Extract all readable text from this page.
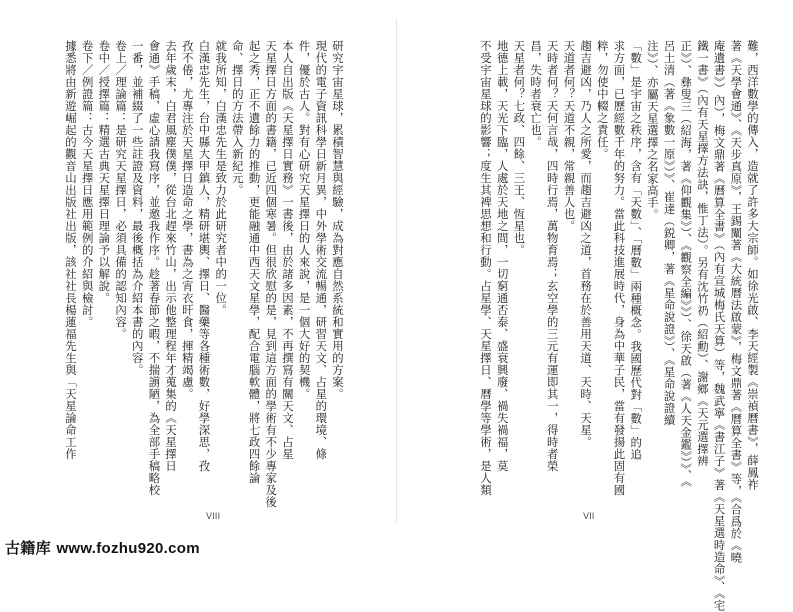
研究宇宙星球，累積智慧與經驗，成為對應自然系統和實用的方案。
現代的電子資訊科學日新月異，中外學術交流暢通，研習天文、占星的環境、條
件，優於古人。對有心研究天星擇日的人來說，是一個大好的契機。
本人自出版《天星擇日實務》一書後，由於諸多因素，不再撰寫有關天文、占星
天星擇日方面的書籍，已近四個寒暑。但很欣慰的是，見到這方面的學術有不少專家及後
起之秀，正不遺餘力的推動，更能融通中西天文星學，配合電腦軟體，將七政四餘論
命、擇日的方法帶入新紀元。
就我所知，白漢忠先生是致力於此研究者中的一位。
白漢忠先生，台中縣大甲鎮人，精研堪輿、擇日、醫藥等各種術數，好學深思，孜
孜不倦，尤專注於天星擇日造命之學，書為之宵衣旰食，揮精竭慮。
去年歲末，白君風塵僕僕，從台北趕來竹山，出示他整理程年才蒐集的《天星擇日
會通》手稿，虛心請我寫序，並邀我作序。趁著春節之暇，不揣謭陋，為全部手稿略校
一番，並補綴了一些註證及資料，最後概括為介紹本書的內容。
卷上／理論篇：是研究天星擇日，必須具備的認知內容。
卷中／授擇篇：精選古典天星擇日理論予以解說。
卷下／例證篇：古今天星擇日應用範例的介紹與檢討。
據悉將由新遊崛起的觀音山出版社出版，該社社長楊蓮福先生與「天星論命工作
VIII
難，西洋數學的傳入，造就了許多大宗師。如徐光啟、李天經製《崇禎曆書》，薛鳳祚
著《天學會通》、《天步真原》，王錫闡著《大統曆法啟蒙》，梅文鼎著《曆算全書》等，《合爲於《曉
庵遺書》）內），梅文鼎著《曆算全書》（內有宣城梅氏天算）等，魏武寧《書江子》著《天星選時造命》、《宅
鐵一書》（內有天星擇方法訣，惟丁法）。另有沈竹礽（紹勳）、謝鄉《天元選擇辨
正》）、彝叟三（紹海，著《仰觀集》）、《觀察全編》》）、徐天啟（著《人天金鑑》）》、《
呂土清（著《象數一原》）》、崔達（鋭卿，著《星命說證》）、《星命說證續
注》）、亦屬天星選擇之名家高手。
「數」是宇宙之秩序，含有「天數」、「曆數」兩種概念。我國歷代對「數」的追
求方面，已歷經數千年的努力。當此科技進展時代，身為中華子民，當有發揚此固有國
粹，勿使中輟之責任。
趨吉避凶，乃人之所愛，而趨吉避凶之道，首務在於善用天道、天時、天星。
天道者何？天道不親，常親善人也。
天時者何？天何言哉，四時行焉，萬物育焉；玄空學的三元有運即其一，得時者榮
昌，失時者衰亡也。
天星者何？七政、四餘、三王、恆星也。
地德上載，天光下臨，人處於天地之間，一切窮通否泰、盛衰興廢、禍失禍福，莫
不受宇宙星球的影響；度生其裨思想和行動。占星學、天星擇日、曆學等學術，是人類
VII
古籍库 www.fozhu920.com
